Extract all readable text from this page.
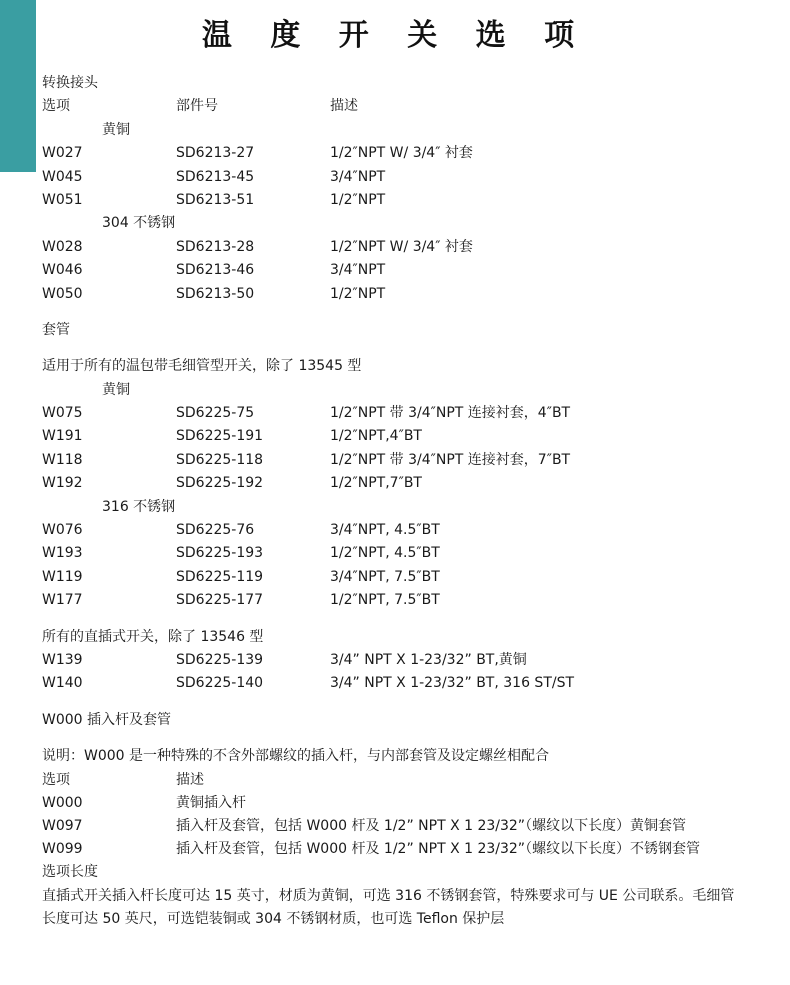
温 度 开 关 选 项
转换接头
选项	部件号	描述
黄铜
W027	SD6213-27	1/2″NPT W/ 3/4″ 衬套
W045	SD6213-45	3/4″NPT
W051	SD6213-51	1/2″NPT
304 不锈钢
W028	SD6213-28	1/2″NPT W/ 3/4″ 衬套
W046	SD6213-46	3/4″NPT
W050	SD6213-50	1/2″NPT
套管
适用于所有的温包带毛细管型开关，除了 13545 型
黄铜
W075	SD6225-75	1/2″NPT 带 3/4″NPT 连接衬套，4″BT
W191	SD6225-191	1/2″NPT,4″BT
W118	SD6225-118	1/2″NPT 带 3/4″NPT 连接衬套，7″BT
W192	SD6225-192	1/2″NPT,7″BT
316 不锈钢
W076	SD6225-76	3/4″NPT, 4.5″BT
W193	SD6225-193	1/2″NPT, 4.5″BT
W119	SD6225-119	3/4″NPT, 7.5″BT
W177	SD6225-177	1/2″NPT, 7.5″BT
所有的直插式开关，除了 13546 型
W139	SD6225-139	3/4” NPT X 1-23/32” BT,黄铜
W140	SD6225-140	3/4” NPT X 1-23/32” BT, 316 ST/ST
W000 插入杆及套管
说明：W000 是一种特殊的不含外部螺纹的插入杆，与内部套管及设定螺丝相配合
选项	描述
W000	黄铜插入杆
W097	插入杆及套管，包括 W000 杆及 1/2” NPT X 1 23/32”（螺纹以下长度）黄铜套管
W099	插入杆及套管，包括 W000 杆及 1/2” NPT X 1 23/32”（螺纹以下长度）不锈钢套管
选项长度
直插式开关插入杆长度可达 15 英寸，材质为黄铜，可选 316 不锈钢套管，特殊要求可与 UE 公司联系。毛细管长度可达 50 英尺，可选铠装铜或 304 不锈钢材质，也可选 Teflon 保护层
